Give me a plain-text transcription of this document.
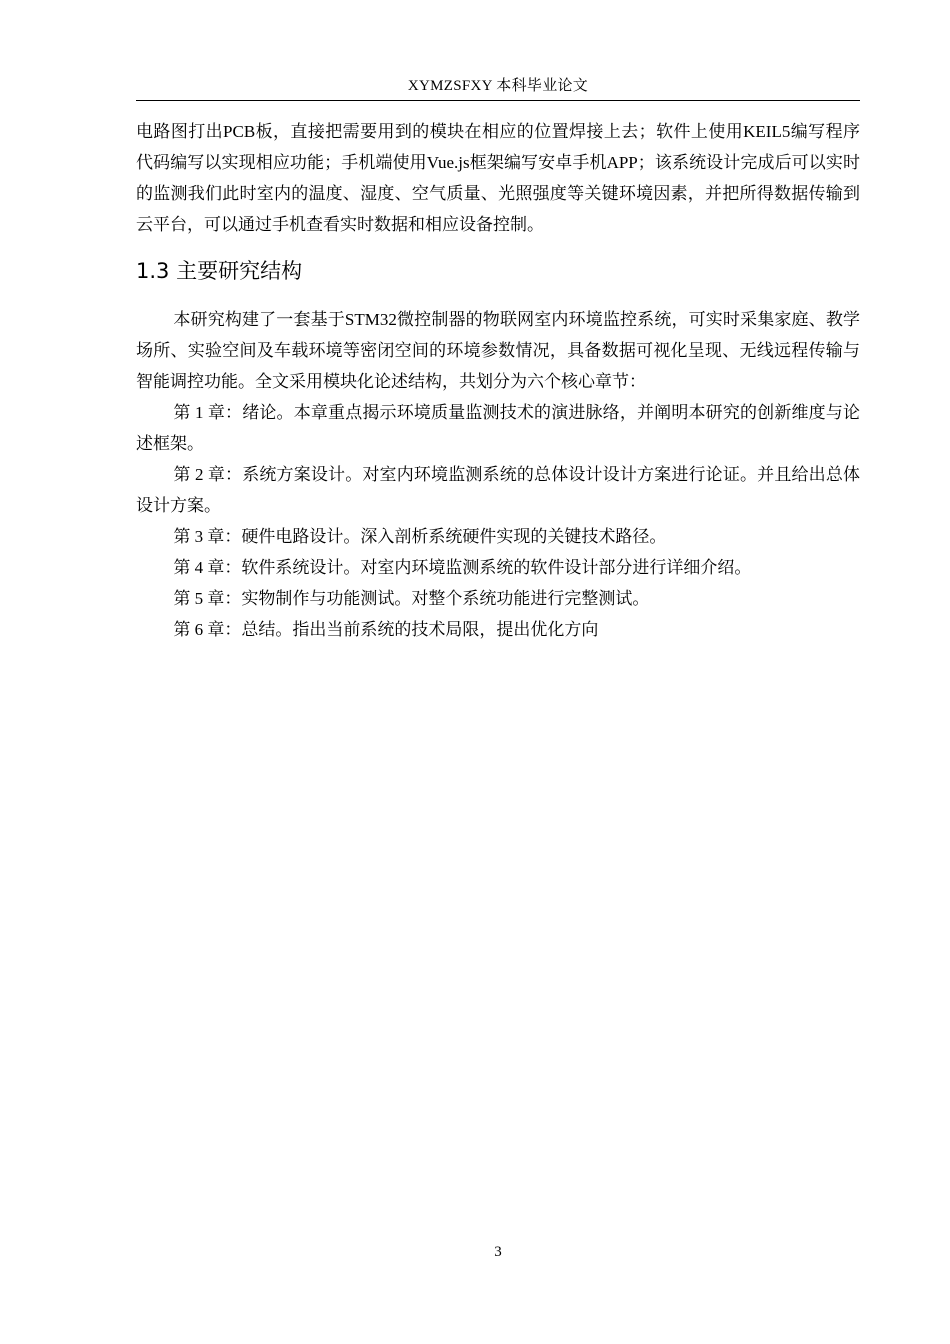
XYMZSFXY 本科毕业论文

电路图打出PCB板，直接把需要用到的模块在相应的位置焊接上去；软件上使用KEIL5编写程序代码编写以实现相应功能；手机端使用Vue.js框架编写安卓手机APP；该系统设计完成后可以实时的监测我们此时室内的温度、湿度、空气质量、光照强度等关键环境因素，并把所得数据传输到云平台，可以通过手机查看实时数据和相应设备控制。

1.3 主要研究结构

本研究构建了一套基于STM32微控制器的物联网室内环境监控系统，可实时采集家庭、教学场所、实验空间及车载环境等密闭空间的环境参数情况，具备数据可视化呈现、无线远程传输与智能调控功能。全文采用模块化论述结构，共划分为六个核心章节：

第 1 章：绪论。本章重点揭示环境质量监测技术的演进脉络，并阐明本研究的创新维度与论述框架。

第 2 章：系统方案设计。对室内环境监测系统的总体设计设计方案进行论证。并且给出总体设计方案。

第 3 章：硬件电路设计。深入剖析系统硬件实现的关键技术路径。

第 4 章：软件系统设计。对室内环境监测系统的软件设计部分进行详细介绍。

第 5 章：实物制作与功能测试。对整个系统功能进行完整测试。

第 6 章：总结。指出当前系统的技术局限，提出优化方向

3
